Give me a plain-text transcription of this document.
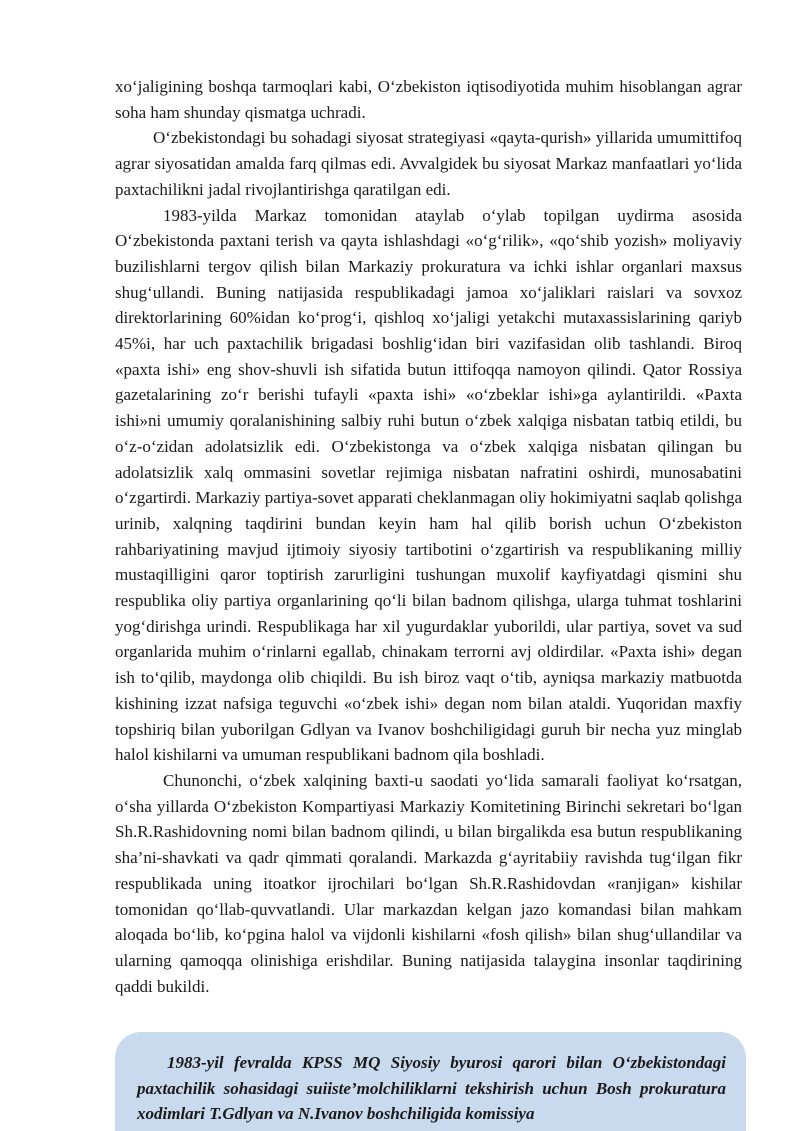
xo‘jaligining boshqa tarmoqlari kabi, O‘zbekiston iqtisodiyotida muhim hisoblangan agrar soha ham shunday qismatga uchradi.

O‘zbekistondagi bu sohadagi siyosat strategiyasi «qayta-qurish» yillarida umumittifoq agrar siyosatidan amalda farq qilmas edi. Avvalgidek bu siyosat Markaz manfaatlari yo‘lida paxtachilikni jadal rivojlantirishga qaratilgan edi.

1983-yilda Markaz tomonidan ataylab o‘ylab topilgan uydirma asosida O‘zbekistonda paxtani terish va qayta ishlashdagi «o‘g‘rilik», «qo‘shib yozish» moliyaviy buzilishlarni tergov qilish bilan Markaziy prokuratura va ichki ishlar organlari maxsus shug‘ullandi. Buning natijasida respublikadagi jamoa xo‘jaliklari raislari va sovxoz direktorlarining 60%idan ko‘prog‘i, qishloq xo‘jaligi yetakchi mutaxassislarining qariyb 45%i, har uch paxtachilik brigadasi boshlig‘idan biri vazifasidan olib tashlandi. Biroq «paxta ishi» eng shov-shuvli ish sifatida butun ittifoqqa namoyon qilindi. Qator Rossiya gazetalarining zo‘r berishi tufayli «paxta ishi» «o‘zbeklar ishi»ga aylantirildi. «Paxta ishi»ni umumiy qoralanishining salbiy ruhi butun o‘zbek xalqiga nisbatan tatbiq etildi, bu o‘z-o‘zidan adolatsizlik edi. O‘zbekistonga va o‘zbek xalqiga nisbatan qilingan bu adolatsizlik xalq ommasini sovetlar rejimiga nisbatan nafratini oshirdi, munosabatini o‘zgartirdi. Markaziy partiya-sovet apparati cheklanmagan oliy hokimiyatni saqlab qolishga urinib, xalqning taqdirini bundan keyin ham hal qilib borish uchun O‘zbekiston rahbariyatining mavjud ijtimoiy siyosiy tartibotini o‘zgartirish va respublikaning milliy mustaqilligini qaror toptirish zarurligini tushungan muxolif kayfiyatdagi qismini shu respublika oliy partiya organlarining qo‘li bilan badnom qilishga, ularga tuhmat toshlarini yog‘dirishga urindi. Respublikaga har xil yugurdaklar yuborildi, ular partiya, sovet va sud organlarida muhim o‘rinlarni egallab, chinakam terrorni avj oldirdilar. «Paxta ishi» degan ish to‘qilib, maydonga olib chiqildi. Bu ish biroz vaqt o‘tib, ayniqsa markaziy matbuotda kishining izzat nafsiga teguvchi «o‘zbek ishi» degan nom bilan ataldi. Yuqoridan maxfiy topshiriq bilan yuborilgan Gdlyan va Ivanov boshchiligidagi guruh bir necha yuz minglab halol kishilarni va umuman respublikani badnom qila boshladi.

Chunonchi, o‘zbek xalqining baxti-u saodati yo‘lida samarali faoliyat ko‘rsatgan, o‘sha yillarda O‘zbekiston Kompartiyasi Markaziy Komitetining Birinchi sekretari bo‘lgan Sh.R.Rashidovning nomi bilan badnom qilindi, u bilan birgalikda esa butun respublikaning sha’ni-shavkati va qadr qimmati qoralandi. Markazda g‘ayritabiiy ravishda tug‘ilgan fikr respublikada uning itoatkor ijrochilari bo‘lgan Sh.R.Rashidovdan «ranjigan» kishilar tomonidan qo‘llab-quvvatlandi. Ular markazdan kelgan jazo komandasi bilan mahkam aloqada bo‘lib, ko‘pgina halol va vijdonli kishilarni «fosh qilish» bilan shug‘ullandilar va ularning qamoqqa olinishiga erishdilar. Buning natijasida talaygina insonlar taqdirining qaddi bukildi.

1983-yil fevralda KPSS MQ Siyosiy byurosi qarori bilan O‘zbekistondagi paxtachilik sohasidagi suiiste’molchiliklarni tekshirish uchun Bosh prokuratura xodimlari T.Gdlyan va N.Ivanov boshchiligida komissiya
